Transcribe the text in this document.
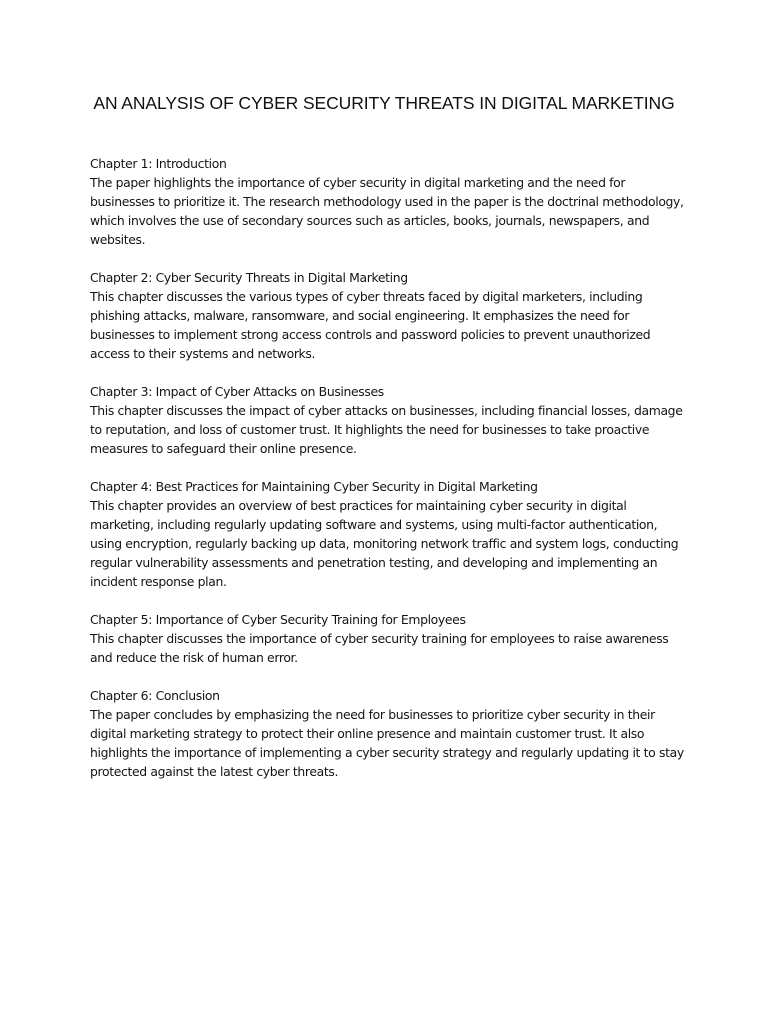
AN ANALYSIS OF CYBER SECURITY THREATS IN DIGITAL MARKETING

Chapter 1: Introduction

The paper highlights the importance of cyber security in digital marketing and the need for businesses to prioritize it. The research methodology used in the paper is the doctrinal methodology, which involves the use of secondary sources such as articles, books, journals, newspapers, and websites.

Chapter 2: Cyber Security Threats in Digital Marketing

This chapter discusses the various types of cyber threats faced by digital marketers, including phishing attacks, malware, ransomware, and social engineering. It emphasizes the need for businesses to implement strong access controls and password policies to prevent unauthorized access to their systems and networks.

Chapter 3: Impact of Cyber Attacks on Businesses

This chapter discusses the impact of cyber attacks on businesses, including financial losses, damage to reputation, and loss of customer trust. It highlights the need for businesses to take proactive measures to safeguard their online presence.

Chapter 4: Best Practices for Maintaining Cyber Security in Digital Marketing

This chapter provides an overview of best practices for maintaining cyber security in digital marketing, including regularly updating software and systems, using multi-factor authentication, using encryption, regularly backing up data, monitoring network traffic and system logs, conducting regular vulnerability assessments and penetration testing, and developing and implementing an incident response plan.

Chapter 5: Importance of Cyber Security Training for Employees

This chapter discusses the importance of cyber security training for employees to raise awareness and reduce the risk of human error.

Chapter 6: Conclusion

The paper concludes by emphasizing the need for businesses to prioritize cyber security in their digital marketing strategy to protect their online presence and maintain customer trust. It also highlights the importance of implementing a cyber security strategy and regularly updating it to stay protected against the latest cyber threats.
